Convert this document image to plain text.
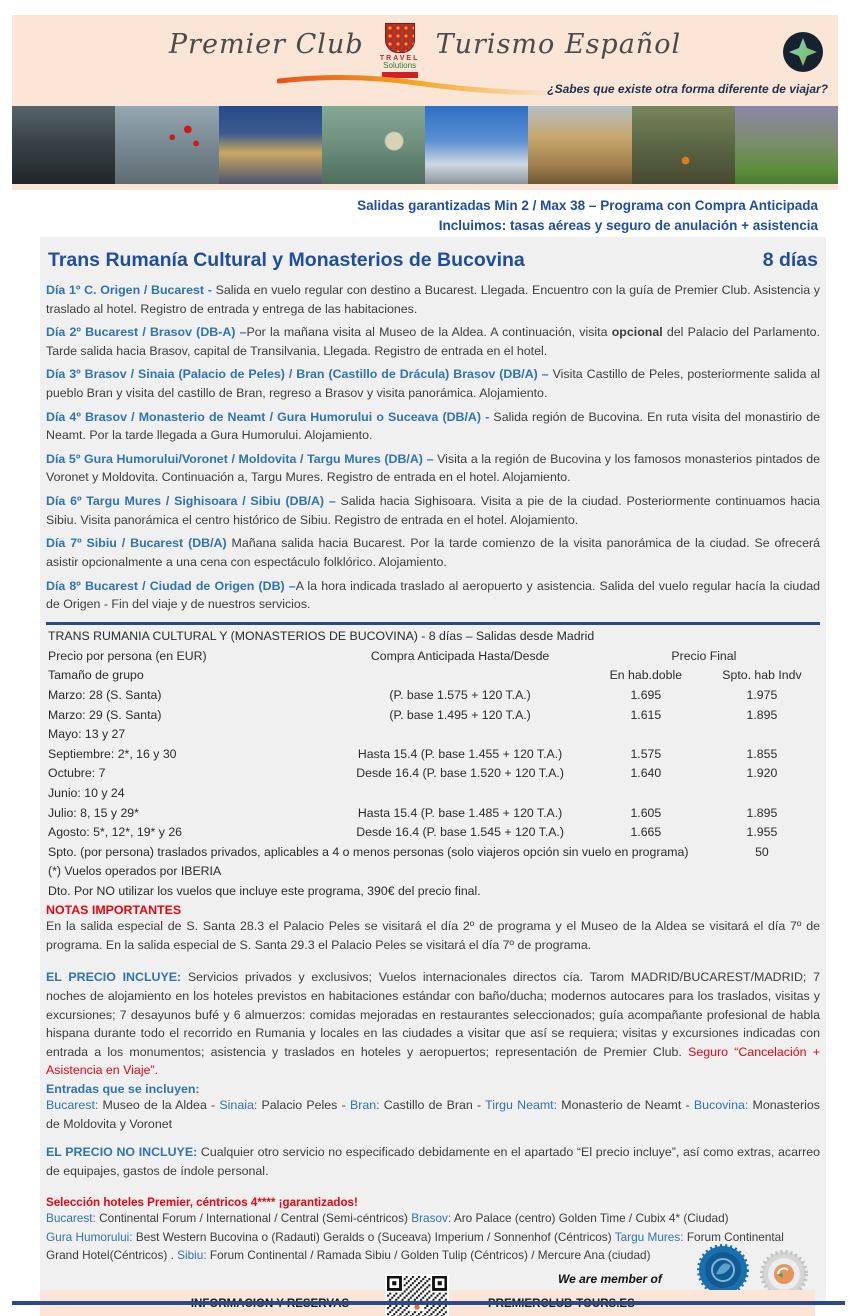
Premier Club TRAVEL
Solutions
Turismo Español
¿Sabes que existe otra forma diferente de viajar?
Salidas garantizadas Min 2 / Max 38 – Programa con Compra Anticipada
Incluimos: tasas aéreas y seguro de anulación + asistencia
Trans Rumanía Cultural y Monasterios de Bucovina	8 días

Día 1º C. Origen / Bucarest - Salida en vuelo regular con destino a Bucarest. Llegada. Encuentro con la guía de Premier Club. Asistencia y traslado al hotel. Registro de entrada y entrega de las habitaciones.

Día 2º Bucarest / Brasov (DB-A) –Por la mañana visita al Museo de la Aldea. A continuación, visita opcional del Palacio del Parlamento. Tarde salida hacia Brasov, capital de Transilvania. Llegada. Registro de entrada en el hotel.

Día 3º Brasov / Sinaia (Palacio de Peles) / Bran (Castillo de Drácula) Brasov (DB/A) – Visita Castillo de Peles, posteriormente salida al pueblo Bran y visita del castillo de Bran, regreso a Brasov y visita panorámica. Alojamiento.

Día 4º Brasov / Monasterio de Neamt / Gura Humorului o Suceava (DB/A) - Salida región de Bucovina. En ruta visita del monastirio de Neamt. Por la tarde llegada a Gura Humorului. Alojamiento.

Día 5º Gura Humorului/Voronet / Moldovita / Targu Mures (DB/A) – Visita a la región de Bucovina y los famosos monasterios pintados de Voronet y Moldovita. Continuación a, Targu Mures. Registro de entrada en el hotel. Alojamiento.

Día 6º Targu Mures / Sighisoara / Sibiu (DB/A) – Salida hacia Sighisoara. Visita a pie de la ciudad. Posteriormente continuamos hacia Sibiu. Visita panorámica el centro histórico de Sibiu. Registro de entrada en el hotel. Alojamiento.

Día 7º Sibiu / Bucarest (DB/A) Mañana salida hacia Bucarest. Por la tarde comienzo de la visita panorámica de la ciudad. Se ofrecerá asistir opcionalmente a una cena con espectáculo folklórico. Alojamiento.

Día 8º Bucarest / Ciudad de Origen (DB) –A la hora indicada traslado al aeropuerto y asistencia. Salida del vuelo regular hacía la ciudad de Origen - Fin del viaje y de nuestros servicios.

TRANS RUMANIA CULTURAL Y (MONASTERIOS DE BUCOVINA) - 8 días – Salidas desde Madrid			
Precio por persona (en EUR)	Compra Anticipada Hasta/Desde	Precio Final	
Tamaño de grupo		En hab.doble	Spto. hab Indv
Marzo: 28 (S. Santa)	(P. base 1.575 + 120 T.A.)	1.695	1.975
Marzo: 29 (S. Santa)	(P. base 1.495 + 120 T.A.)	1.615	1.895
Mayo: 13 y 27			
Septiembre: 2*, 16 y 30	Hasta 15.4 (P. base 1.455 + 120 T.A.)	1.575	1.855
Octubre: 7	Desde 16.4 (P. base 1.520 + 120 T.A.)	1.640	1.920
Junio: 10 y 24			
Julio: 8, 15 y 29*	Hasta 15.4 (P. base 1.485 + 120 T.A.)	1.605	1.895
Agosto: 5*, 12*, 19* y 26	Desde 16.4 (P. base 1.545 + 120 T.A.)	1.665	1.955
Spto. (por persona) traslados privados, aplicables a 4 o menos personas (solo viajeros opción sin vuelo en programa)			50
(*) Vuelos operados por IBERIA			
Dto. Por NO utilizar los vuelos que incluye este programa, 390€ del precio final.			

NOTAS IMPORTANTES

En la salida especial de S. Santa 28.3 el Palacio Peles se visitará el día 2º de programa y el Museo de la Aldea se visitará el día 7º de programa. En la salida especial de S. Santa 29.3 el Palacio Peles se visitará el día 7º de programa.

EL PRECIO INCLUYE: Servicios privados y exclusivos; Vuelos internacionales directos cía. Tarom MADRID/BUCAREST/MADRID; 7 noches de alojamiento en los hoteles previstos en habitaciones estándar con baño/ducha; modernos autocares para los traslados, visitas y excursiones; 7 desayunos bufé y 6 almuerzos: comidas mejoradas en restaurantes seleccionados; guía acompañante profesional de habla hispana durante todo el recorrido en Rumania y locales en las ciudades a visitar que así se requiera; visitas y excursiones indicadas con entrada a los monumentos; asistencia y traslados en hoteles y aeropuertos; representación de Premier Club. Seguro “Cancelación + Asistencia en Viaje”.

Entradas que se incluyen:

Bucarest: Museo de la Aldea - Sinaia: Palacio Peles - Bran: Castillo de Bran - Tirgu Neamt: Monasterio de Neamt - Bucovina: Monasterios de Moldovita y Voronet

EL PRECIO NO INCLUYE: Cualquier otro servicio no especificado debidamente en el apartado “El precio incluye”, así como extras, acarreo de equipajes, gastos de índole personal.

Selección hoteles Premier, céntricos 4**** ¡garantizados!
Bucarest: Continental Forum / International / Central (Semi-céntricos) Brasov: Aro Palace (centro) Golden Time / Cubix 4* (Ciudad)
Gura Humorului: Best Western Bucovina o (Radauti) Geralds o (Suceava) Imperium / Sonnenhof (Céntricos) Targu Mures: Forum Continental
Grand Hotel(Céntricos) . Sibiu: Forum Continental / Ramada Sibiu / Golden Tulip (Céntricos) / Mercure Ana (ciudad)
We are member of
